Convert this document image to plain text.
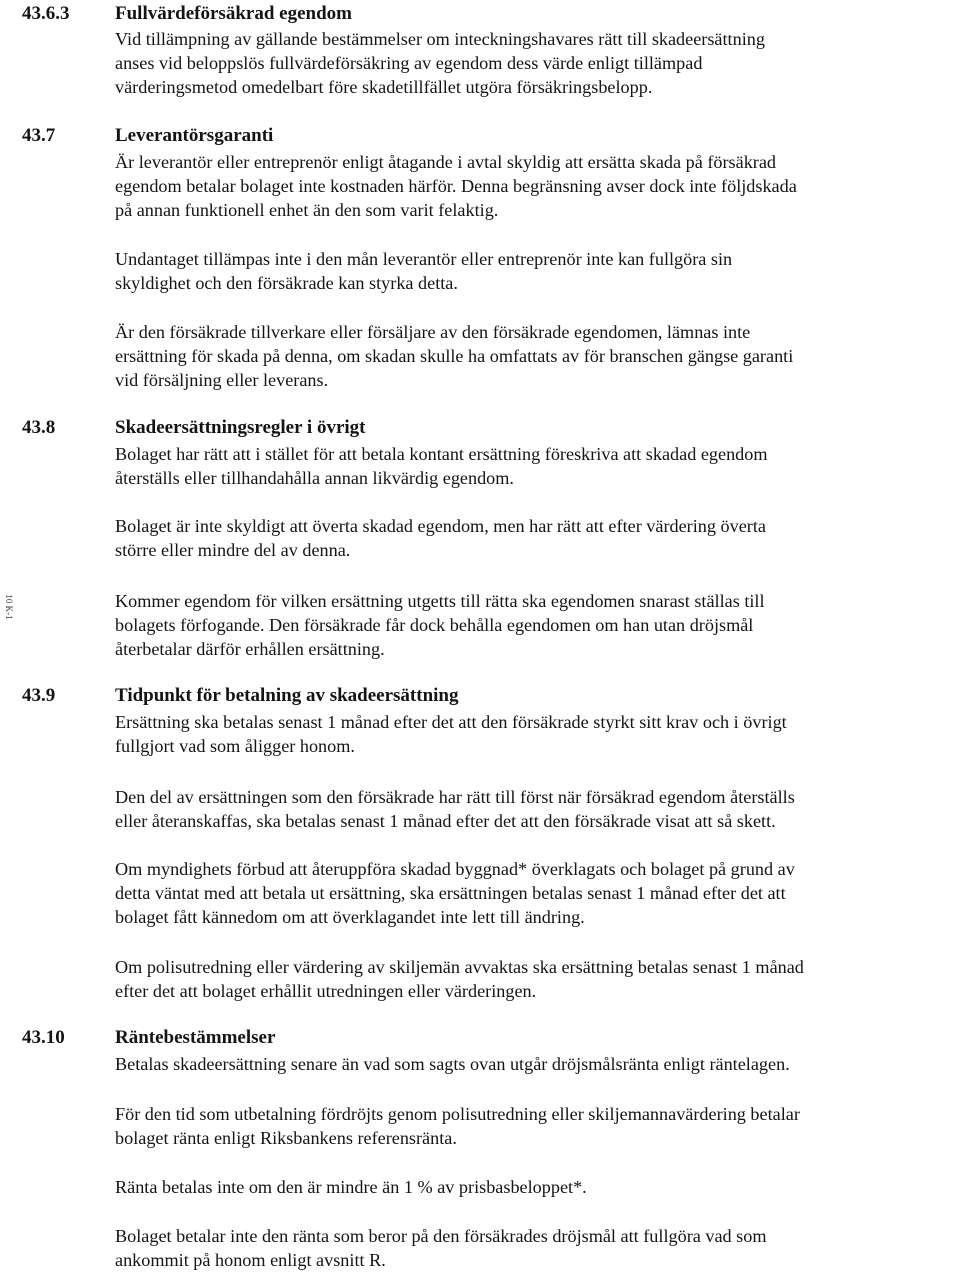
10 K-1
43.6.3 Fullvärdeförsäkrad egendom
Vid tillämpning av gällande bestämmelser om inteckningshavares rätt till skadeersättning
anses vid beloppslös fullvärdeförsäkring av egendom dess värde enligt tillämpad
värderingsmetod omedelbart före skadetillfället utgöra försäkringsbelopp.
43.7	Leverantörsgaranti
Är leverantör eller entreprenör enligt åtagande i avtal skyldig att ersätta skada på försäkrad
egendom betalar bolaget inte kostnaden härför. Denna begränsning avser dock inte följdskada
på annan funktionell enhet än den som varit felaktig.
Undantaget tillämpas inte i den mån leverantör eller entreprenör inte kan fullgöra sin
skyldighet och den försäkrade kan styrka detta.
Är den försäkrade tillverkare eller försäljare av den försäkrade egendomen, lämnas inte
ersättning för skada på denna, om skadan skulle ha omfattats av för branschen gängse garanti
vid försäljning eller leverans.
43.8	Skadeersättningsregler i övrigt
Bolaget har rätt att i stället för att betala kontant ersättning föreskriva att skadad egendom
återställs eller tillhandahålla annan likvärdig egendom.
Bolaget är inte skyldigt att överta skadad egendom, men har rätt att efter värdering överta
större eller mindre del av denna.
Kommer egendom för vilken ersättning utgetts till rätta ska egendomen snarast ställas till
bolagets förfogande. Den försäkrade får dock behålla egendomen om han utan dröjsmål
återbetalar därför erhållen ersättning.
43.9	Tidpunkt för betalning av skadeersättning
Ersättning ska betalas senast 1 månad efter det att den försäkrade styrkt sitt krav och i övrigt
fullgjort vad som åligger honom.
Den del av ersättningen som den försäkrade har rätt till först när försäkrad egendom återställs
eller återanskaffas, ska betalas senast 1 månad efter det att den försäkrade visat att så skett.
Om myndighets förbud att återuppföra skadad byggnad* överklagats och bolaget på grund av
detta väntat med att betala ut ersättning, ska ersättningen betalas senast 1 månad efter det att
bolaget fått kännedom om att överklagandet inte lett till ändring.
Om polisutredning eller värdering av skiljemän avvaktas ska ersättning betalas senast 1 månad
efter det att bolaget erhållit utredningen eller värderingen.
43.10	Räntebestämmelser
Betalas skadeersättning senare än vad som sagts ovan utgår dröjsmålsränta enligt räntelagen.
För den tid som utbetalning fördröjts genom polisutredning eller skiljemannavärdering betalar
bolaget ränta enligt Riksbankens referensränta.
Ränta betalas inte om den är mindre än 1 % av prisbasbeloppet*.
Bolaget betalar inte den ränta som beror på den försäkrades dröjsmål att fullgöra vad som
ankommit på honom enligt avsnitt R.
